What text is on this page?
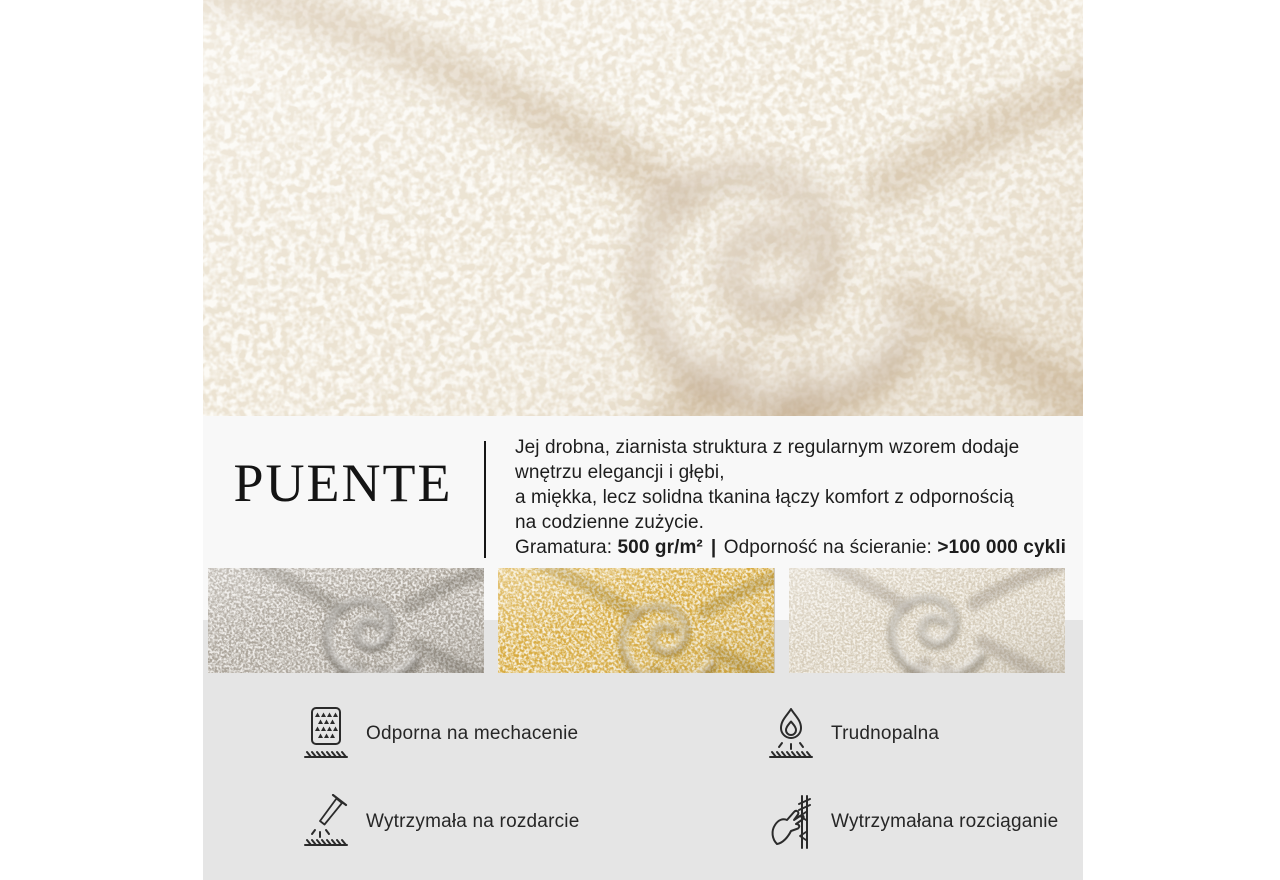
PUENTE
Jej drobna, ziarnista struktura z regularnym wzorem dodaje
wnętrzu elegancji i głębi,
a miękka, lecz solidna tkanina łączy komfort z odpornością
na codzienne zużycie.
Gramatura: 500 gr/m² | Odporność na ścieranie: >100 000 cykli
Odporna na mechacenie	Trudnopalna
Wytrzymała na rozdarcie	Wytrzymałana rozciąganie
